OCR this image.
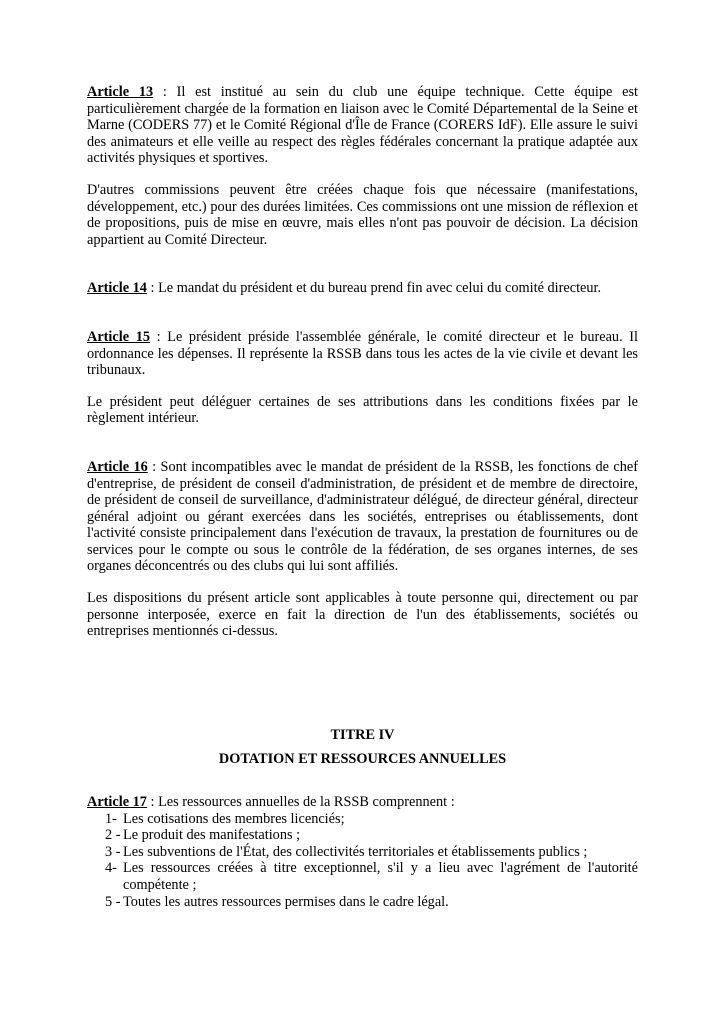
Article 13 : Il est institué au sein du club une équipe technique. Cette équipe est particulièrement chargée de la formation en liaison avec le Comité Départemental de la Seine et Marne (CODERS 77) et le Comité Régional d'Île de France (CORERS IdF). Elle assure le suivi des animateurs et elle veille au respect des règles fédérales concernant la pratique adaptée aux activités physiques et sportives.

D'autres commissions peuvent être créées chaque fois que nécessaire (manifestations, développement, etc.) pour des durées limitées. Ces commissions ont une mission de réflexion et de propositions, puis de mise en œuvre, mais elles n'ont pas pouvoir de décision. La décision appartient au Comité Directeur.

Article 14 : Le mandat du président et du bureau prend fin avec celui du comité directeur.

Article 15 : Le président préside l'assemblée générale, le comité directeur et le bureau. Il ordonnance les dépenses. Il représente la RSSB dans tous les actes de la vie civile et devant les tribunaux.

Le président peut déléguer certaines de ses attributions dans les conditions fixées par le règlement intérieur.

Article 16 : Sont incompatibles avec le mandat de président de la RSSB, les fonctions de chef d'entreprise, de président de conseil d'administration, de président et de membre de directoire, de président de conseil de surveillance, d'administrateur délégué, de directeur général, directeur général adjoint ou gérant exercées dans les sociétés, entreprises ou établissements, dont l'activité consiste principalement dans l'exécution de travaux, la prestation de fournitures ou de services pour le compte ou sous le contrôle de la fédération, de ses organes internes, de ses organes déconcentrés ou des clubs qui lui sont affiliés.

Les dispositions du présent article sont applicables à toute personne qui, directement ou par personne interposée, exerce en fait la direction de l'un des établissements, sociétés ou entreprises mentionnés ci-dessus.

TITRE IV

DOTATION ET RESSOURCES ANNUELLES

Article 17 : Les ressources annuelles de la RSSB comprennent :

1- Les cotisations des membres licenciés;
2 - Le produit des manifestations ;
3 - Les subventions de l'État, des collectivités territoriales et établissements publics ;
4- Les ressources créées à titre exceptionnel, s'il y a lieu avec l'agrément de l'autorité compétente ;
5 - Toutes les autres ressources permises dans le cadre légal.
